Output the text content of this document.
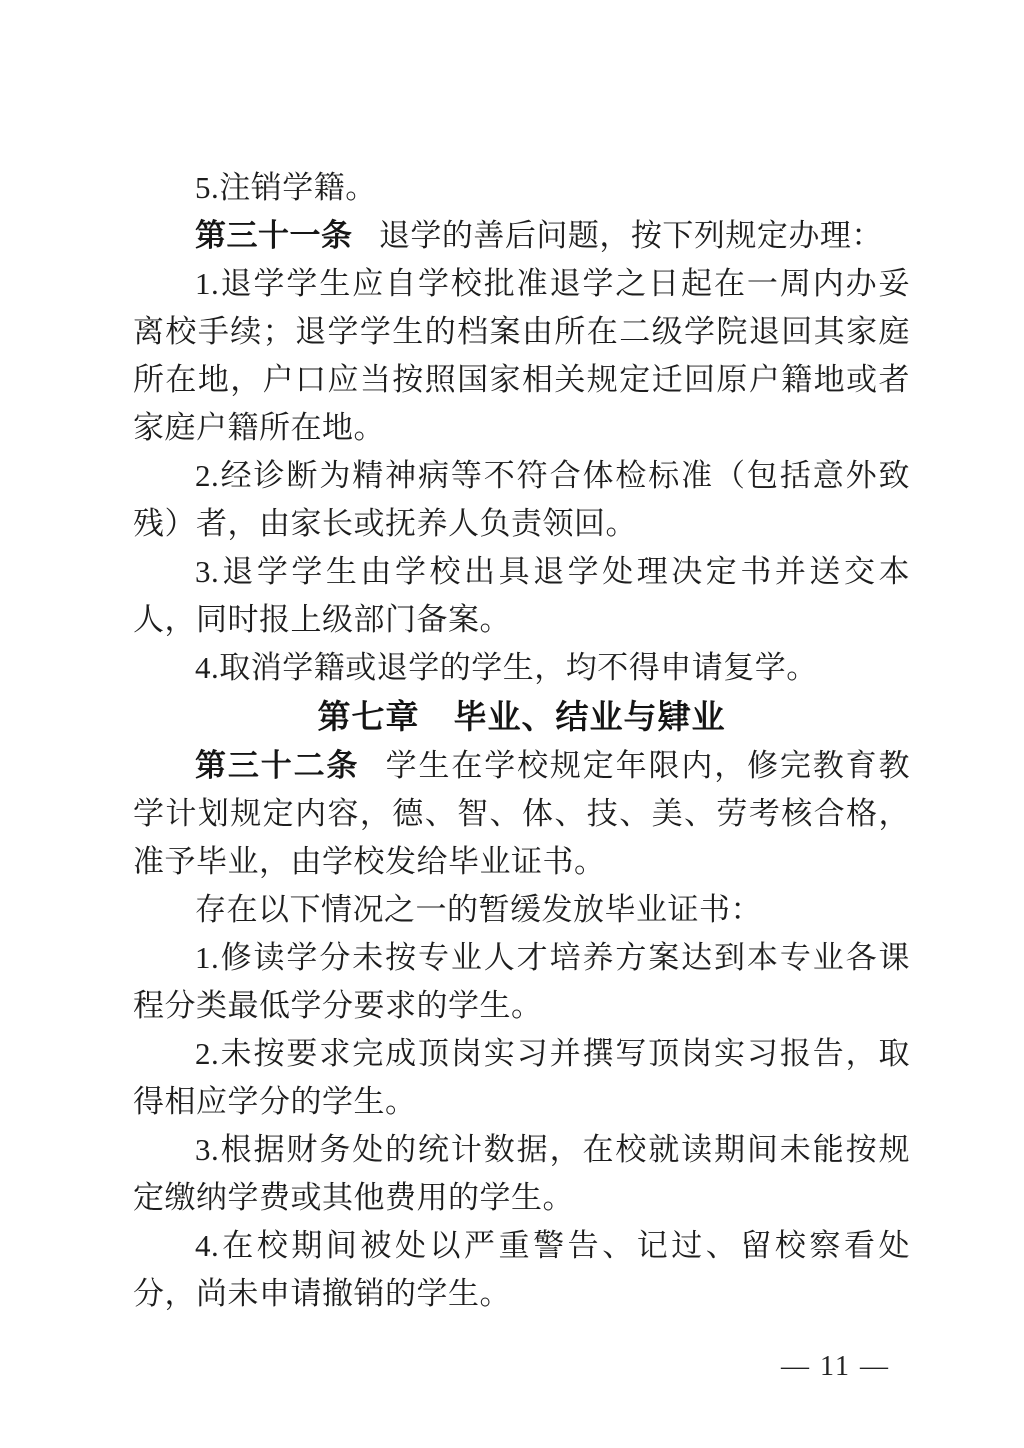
5.注销学籍。

第三十一条 退学的善后问题，按下列规定办理：

1.退学学生应自学校批准退学之日起在一周内办妥离校手续；退学学生的档案由所在二级学院退回其家庭所在地，户口应当按照国家相关规定迁回原户籍地或者家庭户籍所在地。

2.经诊断为精神病等不符合体检标准（包括意外致残）者，由家长或抚养人负责领回。

3.退学学生由学校出具退学处理决定书并送交本人，同时报上级部门备案。

4.取消学籍或退学的学生，均不得申请复学。

第七章　毕业、结业与肄业

第三十二条 学生在学校规定年限内，修完教育教学计划规定内容，德、智、体、技、美、劳考核合格，准予毕业，由学校发给毕业证书。

存在以下情况之一的暂缓发放毕业证书：

1.修读学分未按专业人才培养方案达到本专业各课程分类最低学分要求的学生。

2.未按要求完成顶岗实习并撰写顶岗实习报告，取得相应学分的学生。

3.根据财务处的统计数据，在校就读期间未能按规定缴纳学费或其他费用的学生。

4.在校期间被处以严重警告、记过、留校察看处分，尚未申请撤销的学生。

— 11 —
